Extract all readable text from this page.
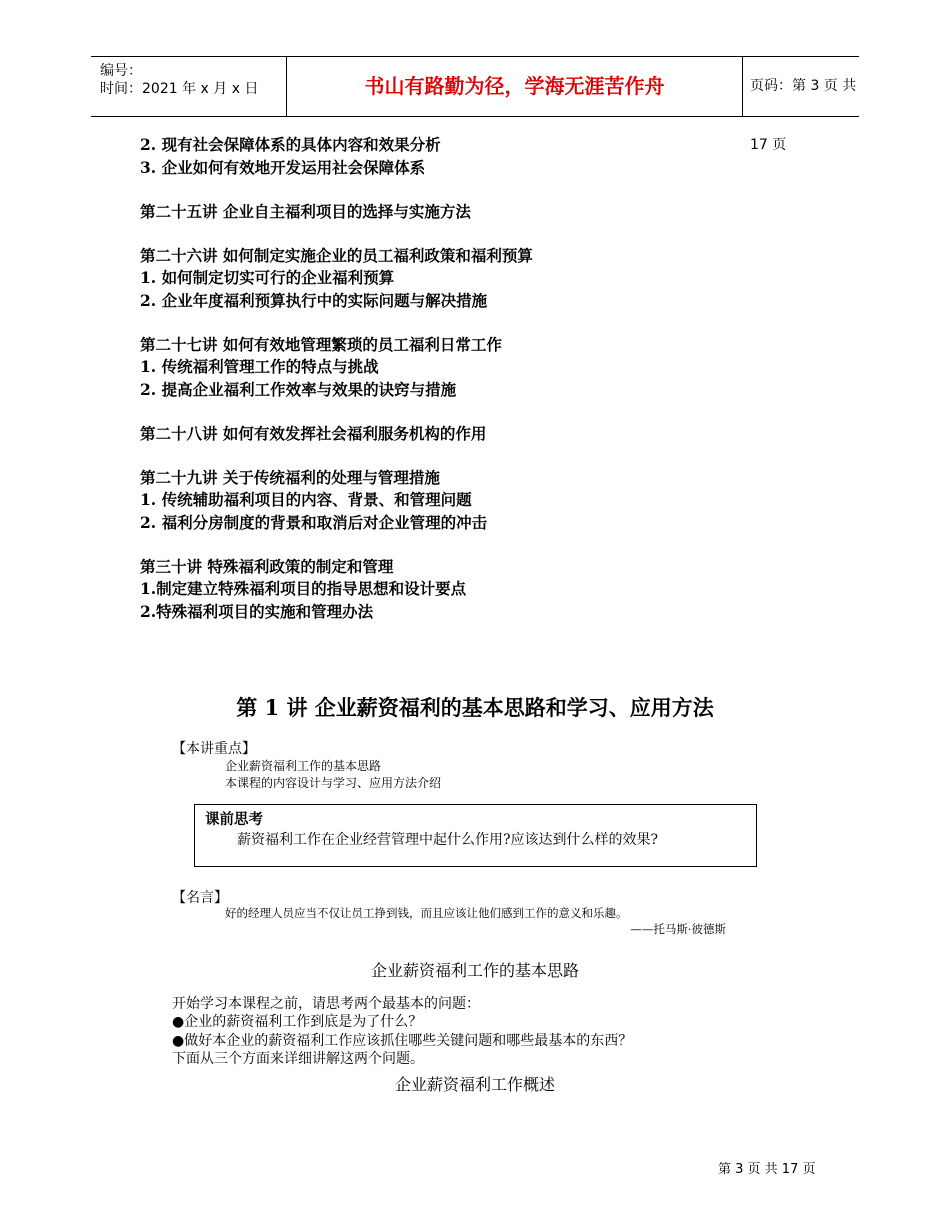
编号：
时间：2021 年 x 月 x 日	书山有路勤为径，学海无涯苦作舟	页码：第 3 页 共 17 页
2. 现有社会保障体系的具体内容和效果分析
3. 企业如何有效地开发运用社会保障体系
第二十五讲 企业自主福利项目的选择与实施方法
第二十六讲 如何制定实施企业的员工福利政策和福利预算
1. 如何制定切实可行的企业福利预算
2. 企业年度福利预算执行中的实际问题与解决措施
第二十七讲 如何有效地管理繁琐的员工福利日常工作
1. 传统福利管理工作的特点与挑战
2. 提高企业福利工作效率与效果的诀窍与措施
第二十八讲 如何有效发挥社会福利服务机构的作用
第二十九讲 关于传统福利的处理与管理措施
1. 传统辅助福利项目的内容、背景、和管理问题
2. 福利分房制度的背景和取消后对企业管理的冲击
第三十讲 特殊福利政策的制定和管理
1.制定建立特殊福利项目的指导思想和设计要点
2.特殊福利项目的实施和管理办法
第 1 讲 企业薪资福利的基本思路和学习、应用方法
【本讲重点】
企业薪资福利工作的基本思路
本课程的内容设计与学习、应用方法介绍
课前思考
薪资福利工作在企业经营管理中起什么作用?应该达到什么样的效果?
【名言】
好的经理人员应当不仅让员工挣到钱，而且应该让他们感到工作的意义和乐趣。
——托马斯·彼德斯
企业薪资福利工作的基本思路
开始学习本课程之前，请思考两个最基本的问题：
●企业的薪资福利工作到底是为了什么？
●做好本企业的薪资福利工作应该抓住哪些关键问题和哪些最基本的东西？
下面从三个方面来详细讲解这两个问题。
企业薪资福利工作概述
第 3 页 共 17 页
